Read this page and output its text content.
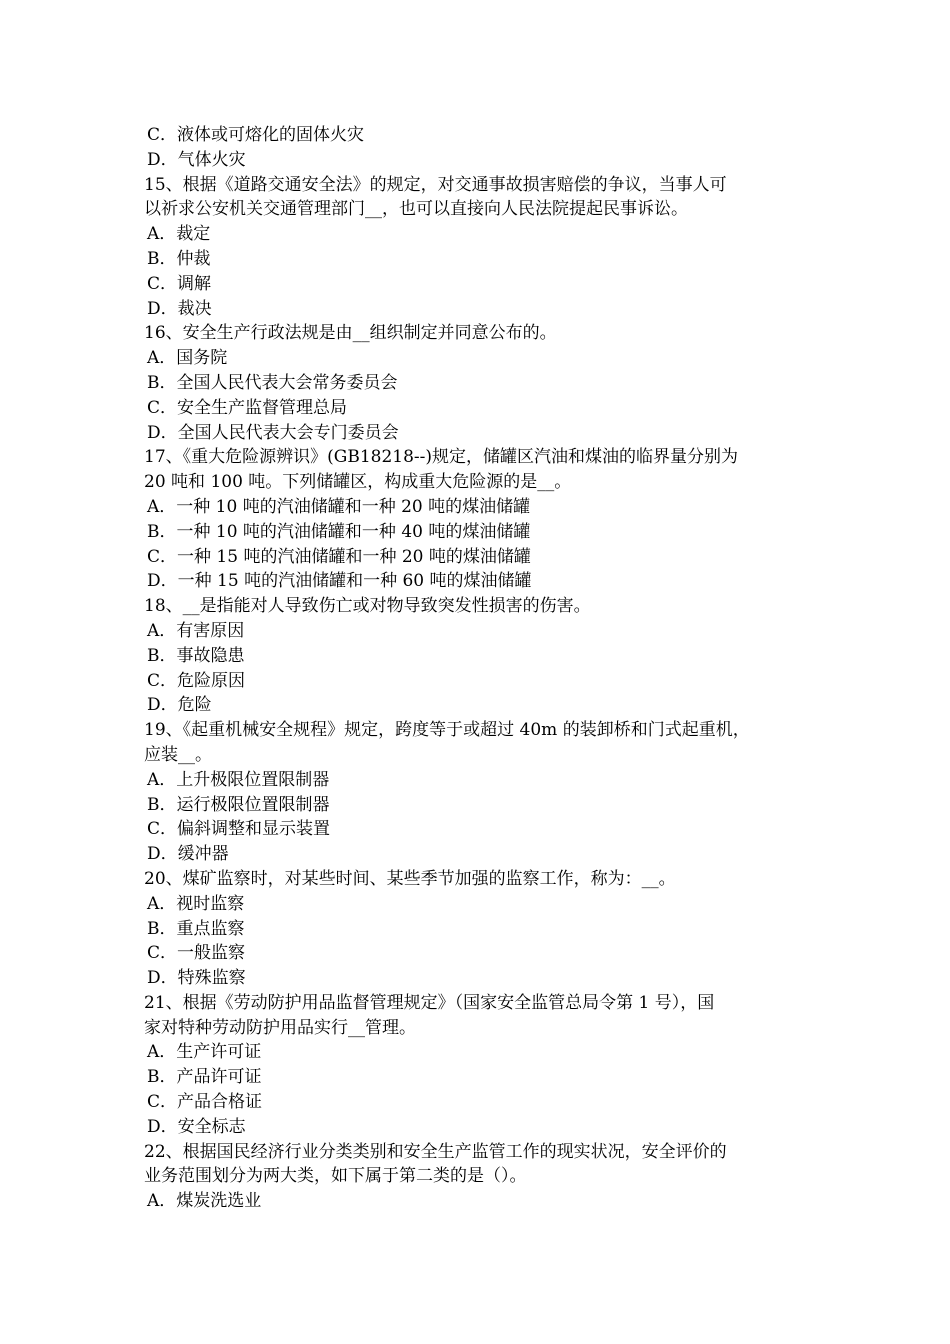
C．液体或可熔化的固体火灾
D．气体火灾
15、根据《道路交通安全法》的规定，对交通事故损害赔偿的争议，当事人可
以祈求公安机关交通管理部门__，也可以直接向人民法院提起民事诉讼。
A．裁定
B．仲裁
C．调解
D．裁决
16、安全生产行政法规是由__组织制定并同意公布的。
A．国务院
B．全国人民代表大会常务委员会
C．安全生产监督管理总局
D．全国人民代表大会专门委员会
17、《重大危险源辨识》(GB18218--)规定，储罐区汽油和煤油的临界量分别为
20 吨和 100 吨。下列储罐区，构成重大危险源的是__。
A．一种 10 吨的汽油储罐和一种 20 吨的煤油储罐
B．一种 10 吨的汽油储罐和一种 40 吨的煤油储罐
C．一种 15 吨的汽油储罐和一种 20 吨的煤油储罐
D．一种 15 吨的汽油储罐和一种 60 吨的煤油储罐
18、__是指能对人导致伤亡或对物导致突发性损害的伤害。
A．有害原因
B．事故隐患
C．危险原因
D．危险
19、《起重机械安全规程》规定，跨度等于或超过 40m 的装卸桥和门式起重机，
应装__。
A．上升极限位置限制器
B．运行极限位置限制器
C．偏斜调整和显示装置
D．缓冲器
20、煤矿监察时，对某些时间、某些季节加强的监察工作，称为：__。
A．视时监察
B．重点监察
C．一般监察
D．特殊监察
21、根据《劳动防护用品监督管理规定》（国家安全监管总局令第 1 号），国
家对特种劳动防护用品实行__管理。
A．生产许可证
B．产品许可证
C．产品合格证
D．安全标志
22、根据国民经济行业分类类别和安全生产监管工作的现实状况，安全评价的
业务范围划分为两大类，如下属于第二类的是（）。
A．煤炭洗选业
